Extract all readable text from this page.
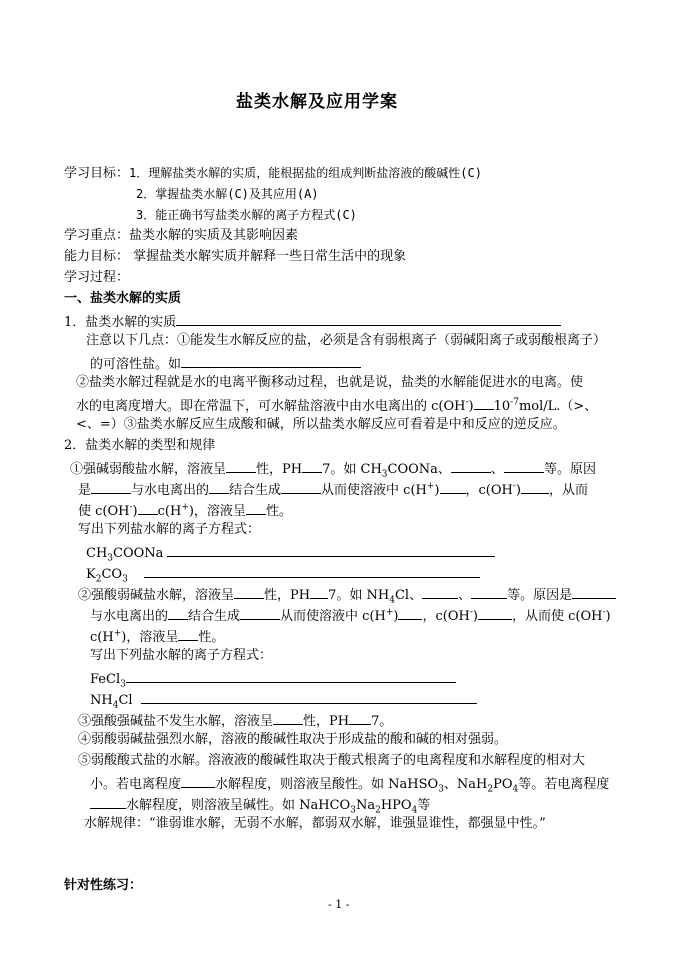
盐类水解及应用学案
学习目标：1．理解盐类水解的实质，能根据盐的组成判断盐溶液的酸碱性(C)
2．掌握盐类水解(C)及其应用(A)
3．能正确书写盐类水解的离子方程式(C)
学习重点：盐类水解的实质及其影响因素
能力目标： 掌握盐类水解实质并解释一些日常生活中的现象
学习过程：
一、盐类水解的实质
1．盐类水解的实质
注意以下几点：①能发生水解反应的盐，必须是含有弱根离子（弱碱阳离子或弱酸根离子）
的可溶性盐。如
②盐类水解过程就是水的电离平衡移动过程，也就是说，盐类的水解能促进水的电离。使
水的电离度增大。即在常温下，可水解盐溶液中由水电离出的 c(OH-) $10^{-7}mol/L.(>$、
<、=）③盐类水解反应生成酸和碱，所以盐类水解反应可看着是中和反应的逆反应。
2．盐类水解的类型和规律
①强碱弱酸盐水解，溶液呈 性，PH 7。如 $CH_3COONa$、	、	等。原因
是	与水电离出的 结合生成	从而使溶液中 c(H+) ，c(OH-) ，从而
使 c(OH-) c(H+)，溶液呈 性。
写出下列盐水解的离子方程式：
$CH_3COONa$
$K_2CO_3$
②强酸弱碱盐水解，溶液呈 性，PH 7。如 $NH_4Cl$、	、	等。原因是
与水电离出的 结合生成	从而使溶液中 c(H+) ，c(OH-)	，从而使 c(OH-)
c(H+)，溶液呈 性。
写出下列盐水解的离子方程式：
FeCl$_3$
$NH_4Cl$
③强酸强碱盐不发生水解，溶液呈 性，PH 7。
④弱酸弱碱盐强烈水解，溶液的酸碱性取决于形成盐的酸和碱的相对强弱。
⑤弱酸酸式盐的水解。溶液液的酸碱性取决于酸式根离子的电离程度和水解程度的相对大
小。若电离程度	水解程度，则溶液呈酸性。如 NaHSO$_3$、$NaH_2PO_4$等。若电离程度
水解程度，则溶液呈碱性。如 $NaHCO_3Na_2HPO_4$等
水解规律：“谁弱谁水解，无弱不水解，都弱双水解，谁强显谁性，都强显中性。”
针对性练习：
- 1 -
